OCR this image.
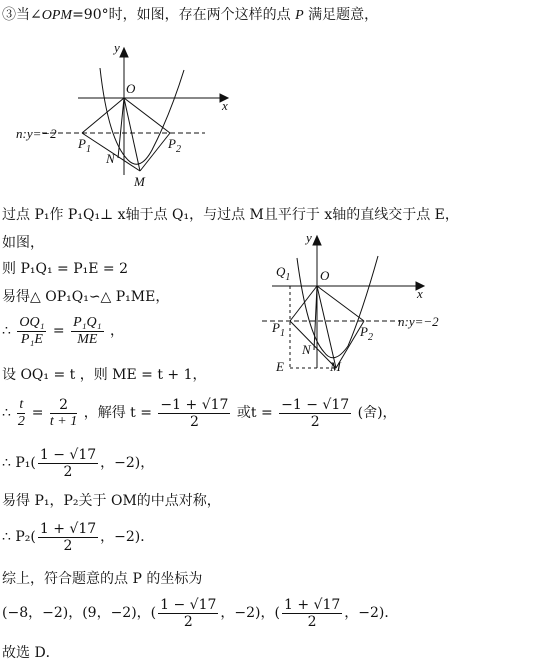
③当∠OPM=90°时，如图，存在两个这样的点 P 满足题意，
y
x
O
n:y=−2
$P_1$	$P_2$
N
M
过点 P₁作 P₁Q₁⊥ x轴于点 Q₁，与过点 M且平行于 x轴的直线交于点 E，
如图，
则 P₁Q₁ = P₁E = 2
易得△ OP₁Q₁∽△ P₁ME，
∴ $\frac{\text{OQ₁}}{\text{P₁E}} = \frac{\text{P₁Q₁}}{ME}$ ，
设 OQ₁ = t ，则 ME = t + 1，
∴ $\frac{t}{2} = \frac{2}{t + 1}$ ，解得 $t = \frac{-1 + √17}{2}$ 或$t = \frac{-1 - √17}{2}$ (舍)，
∴ $P_1( \frac{1 - √17}{2}$ ，−2)，
易得 P₁，P₂关于 OM的中点对称，
∴ $P_2( \frac{1 + √17}{2}$ ，−2)．
综上，符合题意的点 P 的坐标为
(−8，−2)，(9，−2)，( $\frac{1 - √17}{2}$ ，−2)，( $\frac{1 + √17}{2}$ ，−2)．
故选 D．
y
x
O
$Q_1$
$P_1$	$P_2$
N
M
E
n:y=−2
